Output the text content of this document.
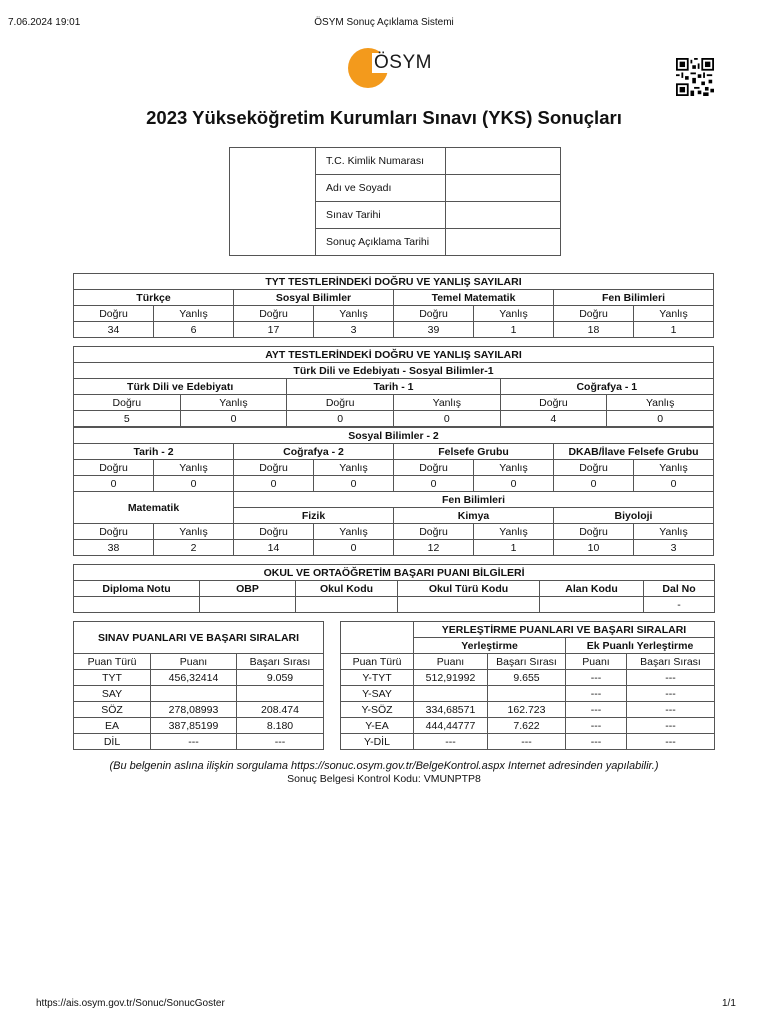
7.06.2024 19:01	ÖSYM Sonuç Açıklama Sistemi
ÖSYM
2023 Yükseköğretim Kurumları Sınavı (YKS) Sonuçları
	T.C. Kimlik Numarası	
	Adı ve Soyadı	
	Sınav Tarihi	
	Sonuç Açıklama Tarihi	
TYT TESTLERİNDEKİ DOĞRU VE YANLIŞ SAYILARI							
Türkçe		Sosyal Bilimler		Temel Matematik		Fen Bilimleri	
Doğru	Yanlış	Doğru	Yanlış	Doğru	Yanlış	Doğru	Yanlış
34	6	17	3	39	1	18	1
AYT TESTLERİNDEKİ DOĞRU VE YANLIŞ SAYILARI					
Türk Dili ve Edebiyatı - Sosyal Bilimler-1					
Türk Dili ve Edebiyatı		Tarih - 1		Coğrafya - 1	
Doğru	Yanlış	Doğru	Yanlış	Doğru	Yanlış
5	0	0	0	4	0
Sosyal Bilimler - 2							
Tarih - 2		Coğrafya - 2		Felsefe Grubu		DKAB/İlave Felsefe Grubu	
Doğru	Yanlış	Doğru	Yanlış	Doğru	Yanlış	Doğru	Yanlış
0	0	0	0	0	0	0	0
Matematik		Fen Bilimleri					
		Fizik		Kimya		Biyoloji	
Doğru	Yanlış	Doğru	Yanlış	Doğru	Yanlış	Doğru	Yanlış
38	2	14	0	12	1	10	3
OKUL VE ORTAÖĞRETİM BAŞARI PUANI BİLGİLERİ					
Diploma Notu	OBP	Okul Kodu	Okul Türü Kodu	Alan Kodu	Dal No
					-
SINAV PUANLARI VE BAŞARI SIRALARI		
Puan Türü	Puanı	Başarı Sırası
TYT	456,32414	9.059
SAY		
SÖZ	278,08993	208.474
EA	387,85199	8.180
DİL	---	---
	YERLEŞTİRME PUANLARI VE BAŞARI SIRALARI			
	Yerleştirme		Ek Puanlı Yerleştirme	
Puan Türü	Puanı	Başarı Sırası	Puanı	Başarı Sırası
Y-TYT	512,91992	9.655	---	---
Y-SAY			---	---
Y-SÖZ	334,68571	162.723	---	---
Y-EA	444,44777	7.622	---	---
Y-DİL	---	---	---	---
(Bu belgenin aslına ilişkin sorgulama https://sonuc.osym.gov.tr/BelgeKontrol.aspx Internet adresinden yapılabilir.)
Sonuç Belgesi Kontrol Kodu: VMUNPTP8
https://ais.osym.gov.tr/Sonuc/SonucGoster	1/1
